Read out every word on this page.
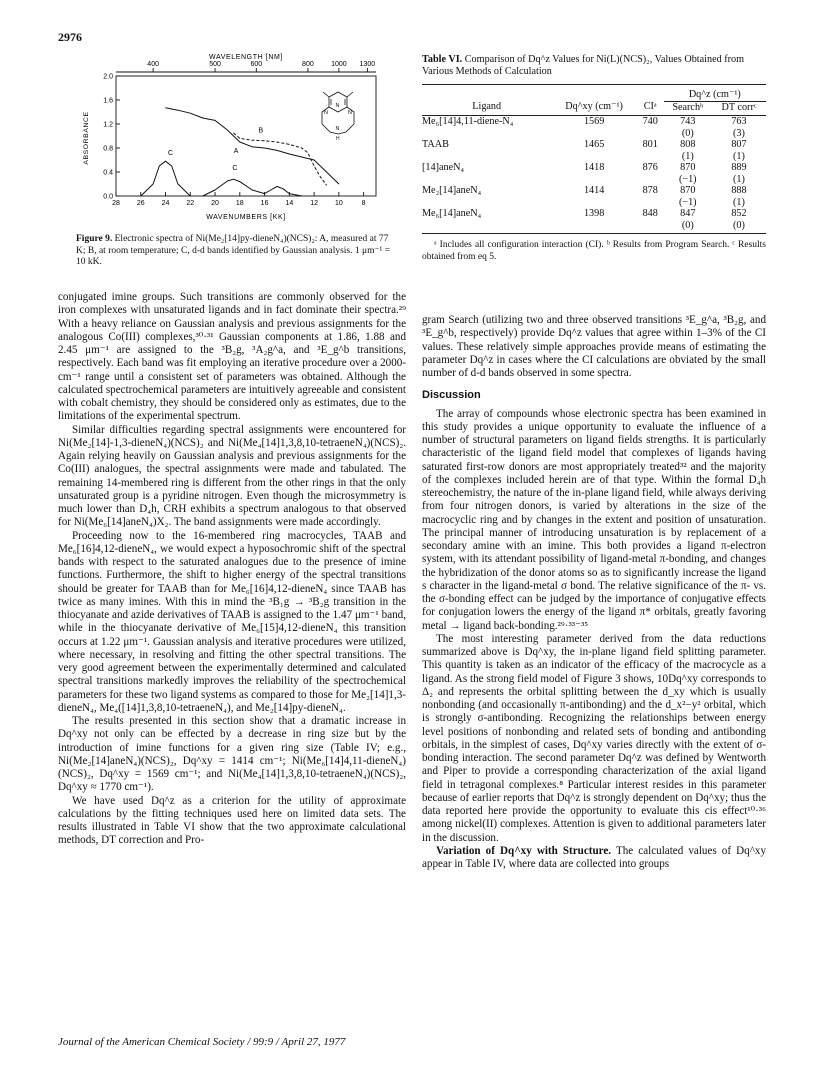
2976
WAVELENGTH [NM]
400	500	600	800 1000 1300
2.0
1.6
1.2
0.8
0.4
0.0
28 26 24 22 20 18 16 14 12 10	8
ABSORBANCE
WAVENUMBERS [KK]
A
B
C
C
N
N	N
N
H

Figure 9. Electronic spectra of Ni(Me₂[14]py-dieneN₄)(NCS)₂: A, measured at 77 K; B, at room temperature; C, d-d bands identified by Gaussian analysis. 1 μm⁻¹ = 10 kK.

Table VI. Comparison of Dq^z Values for Ni(L)(NCS)₂, Values Obtained from Various Methods of Calculation
			Dq^z (cm⁻¹)	
Ligand	Dq^xy (cm⁻¹)	CIᵃ	Searchᵇ	DT corrᶜ
Me₆[14]4,11-diene-N₄	1569	740	743	763
			(0)	(3)
TAAB	1465	801	808	807
			(1)	(1)
[14]aneN₄	1418	876	870	889
			(−1)	(1)
Me₂[14]aneN₄	1414	878	870	888
			(−1)	(1)
Me₆[14]aneN₄	1398	848	847	852
			(0)	(0)
ᵃ Includes all configuration interaction (CI). ᵇ Results from Program Search. ᶜ Results obtained from eq 5.

conjugated imine groups. Such transitions are commonly observed for the iron complexes with unsaturated ligands and in fact dominate their spectra.²⁹ With a heavy reliance on Gaussian analysis and previous assignments for the analogous Co(III) complexes,³⁰·³¹ Gaussian components at 1.86, 1.88 and 2.45 μm⁻¹ are assigned to the ³B₂g, ³A₂g^a, and ³E_g^b transitions, respectively. Each band was fit employing an iterative procedure over a 2000-cm⁻¹ range until a consistent set of parameters was obtained. Although the calculated spectrochemical parameters are intuitively agreeable and consistent with cobalt chemistry, they should be considered only as estimates, due to the limitations of the experimental spectrum.

Similar difficulties regarding spectral assignments were encountered for Ni(Me₂[14]-1,3-dieneN₄)(NCS)₂ and Ni(Me₄[14]1,3,8,10-tetraeneN₄)(NCS)₂. Again relying heavily on Gaussian analysis and previous assignments for the Co(III) analogues, the spectral assignments were made and tabulated. The remaining 14-membered ring is different from the other rings in that the only unsaturated group is a pyridine nitrogen. Even though the microsymmetry is much lower than D₄h, CRH exhibits a spectrum analogous to that observed for Ni(Me₆[14]aneN₄)X₂. The band assignments were made accordingly.

Proceeding now to the 16-membered ring macrocycles, TAAB and Me₆[16]4,12-dieneN₄, we would expect a hyposochromic shift of the spectral bands with respect to the saturated analogues due to the presence of imine functions. Furthermore, the shift to higher energy of the spectral transitions should be greater for TAAB than for Me₆[16]4,12-dieneN₄ since TAAB has twice as many imines. With this in mind the ³B₁g → ³B₂g transition in the thiocyanate and azide derivatives of TAAB is assigned to the 1.47 μm⁻¹ band, while in the thiocyanate derivative of Me₆[15]4,12-dieneN₄ this transition occurs at 1.22 μm⁻¹. Gaussian analysis and iterative procedures were utilized, where necessary, in resolving and fitting the other spectral transitions. The very good agreement between the experimentally determined and calculated spectral transitions markedly improves the reliability of the spectrochemical parameters for these two ligand systems as compared to those for Me₂[14]1,3-dieneN₄, Me₄([14]1,3,8,10-tetraeneN₄), and Me₂[14]py-dieneN₄.

The results presented in this section show that a dramatic increase in Dq^xy not only can be effected by a decrease in ring size but by the introduction of imine functions for a given ring size (Table IV; e.g., Ni(Me₂[14]aneN₄)(NCS)₂, Dq^xy = 1414 cm⁻¹; Ni(Me₆[14]4,11-dieneN₄)(NCS)₂, Dq^xy = 1569 cm⁻¹; and Ni(Me₄[14]1,3,8,10-tetraeneN₄)(NCS)₂, Dq^xy ≈ 1770 cm⁻¹).

We have used Dq^z as a criterion for the utility of approximate calculations by the fitting techniques used here on limited data sets. The results illustrated in Table VI show that the two approximate calculational methods, DT correction and Pro-

gram Search (utilizing two and three observed transitions ³E_g^a, ³B₂g, and ³E_g^b, respectively) provide Dq^z values that agree within 1–3% of the CI values. These relatively simple approaches provide means of estimating the parameter Dq^z in cases where the CI calculations are obviated by the small number of d-d bands observed in some spectra.

Discussion

The array of compounds whose electronic spectra has been examined in this study provides a unique opportunity to evaluate the influence of a number of structural parameters on ligand fields strengths. It is particularly characteristic of the ligand field model that complexes of ligands having saturated first-row donors are most appropriately treated³² and the majority of the complexes included herein are of that type. Within the formal D₄h stereochemistry, the nature of the in-plane ligand field, while always deriving from four nitrogen donors, is varied by alterations in the size of the macrocyclic ring and by changes in the extent and position of unsaturation. The principal manner of introducing unsaturation is by replacement of a secondary amine with an imine. This both provides a ligand π-electron system, with its attendant possibility of ligand-metal π-bonding, and changes the hybridization of the donor atoms so as to significantly increase the ligand s character in the ligand-metal σ bond. The relative significance of the π- vs. the σ-bonding effect can be judged by the importance of conjugative effects for conjugation lowers the energy of the ligand π* orbitals, greatly favoring metal → ligand back-bonding.²⁹·³³⁻³⁵

The most interesting parameter derived from the data reductions summarized above is Dq^xy, the in-plane ligand field splitting parameter. This quantity is taken as an indicator of the efficacy of the macrocycle as a ligand. As the strong field model of Figure 3 shows, 10Dq^xy corresponds to Δ₂ and represents the orbital splitting between the d_xy which is usually nonbonding (and occasionally π-antibonding) and the d_x²−y² orbital, which is strongly σ-antibonding. Recognizing the relationships between energy level positions of nonbonding and related sets of bonding and antibonding orbitals, in the simplest of cases, Dq^xy varies directly with the extent of σ-bonding interaction. The second parameter Dq^z was defined by Wentworth and Piper to provide a corresponding characterization of the axial ligand field in tetragonal complexes.⁸ Particular interest resides in this parameter because of earlier reports that Dq^z is strongly dependent on Dq^xy; thus the data reported here provide the opportunity to evaluate this cis effect¹⁰·³⁶ among nickel(II) complexes. Attention is given to additional parameters later in the discussion.

Variation of Dq^xy with Structure. The calculated values of Dq^xy appear in Table IV, where data are collected into groups

Journal of the American Chemical Society / 99:9 / April 27, 1977
